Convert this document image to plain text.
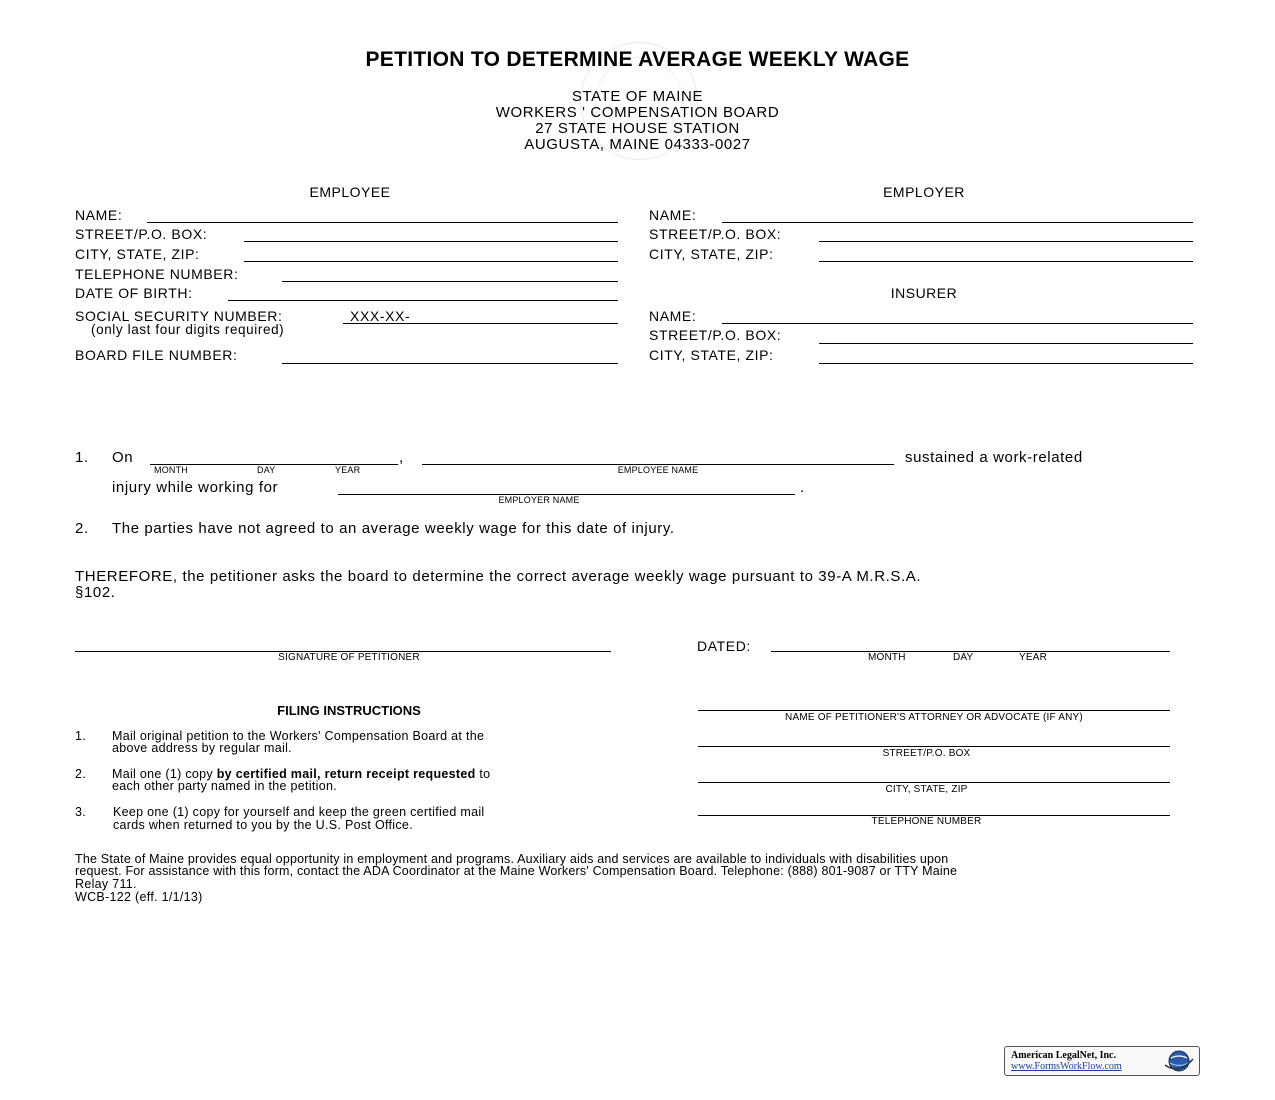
PETITION TO DETERMINE AVERAGE WEEKLY WAGE
STATE OF MAINE
WORKERS ' COMPENSATION BOARD
27 STATE HOUSE STATION
AUGUSTA, MAINE 04333-0027
EMPLOYEE
NAME:
STREET/P.O. BOX:
CITY, STATE, ZIP:
TELEPHONE NUMBER:
DATE OF BIRTH:
SOCIAL SECURITY NUMBER:	XXX-XX-
(only last four digits required)
BOARD FILE NUMBER:
EMPLOYER
NAME:
STREET/P.O. BOX:
CITY, STATE, ZIP:
INSURER
NAME:
STREET/P.O. BOX:
CITY, STATE, ZIP:
1. On	,
MONTH	DAY	YEAR	EMPLOYEE NAME
sustained a work-related
injury while working for	.
EMPLOYER NAME
2. The parties have not agreed to an average weekly wage for this date of injury.
THEREFORE, the petitioner asks the board to determine the correct average weekly wage pursuant to 39-A M.R.S.A.
§102.
SIGNATURE OF PETITIONER
DATED:
MONTH	DAY	YEAR
FILING INSTRUCTIONS
1. Mail original petition to the Workers' Compensation Board at the
above address by regular mail.
2. Mail one (1) copy by certified mail, return receipt requested to
each other party named in the petition.
3. Keep one (1) copy for yourself and keep the green certified mail
cards when returned to you by the U.S. Post Office.
NAME OF PETITIONER'S ATTORNEY OR ADVOCATE (IF ANY)
STREET/P.O. BOX
CITY, STATE, ZIP
TELEPHONE NUMBER
The State of Maine provides equal opportunity in employment and programs. Auxiliary aids and services are available to individuals with disabilities upon
request. For assistance with this form, contact the ADA Coordinator at the Maine Workers' Compensation Board. Telephone: (888) 801-9087 or TTY Maine
Relay 711.
WCB-122 (eff. 1/1/13)
American LegalNet, Inc.
www.FormsWorkFlow.com
